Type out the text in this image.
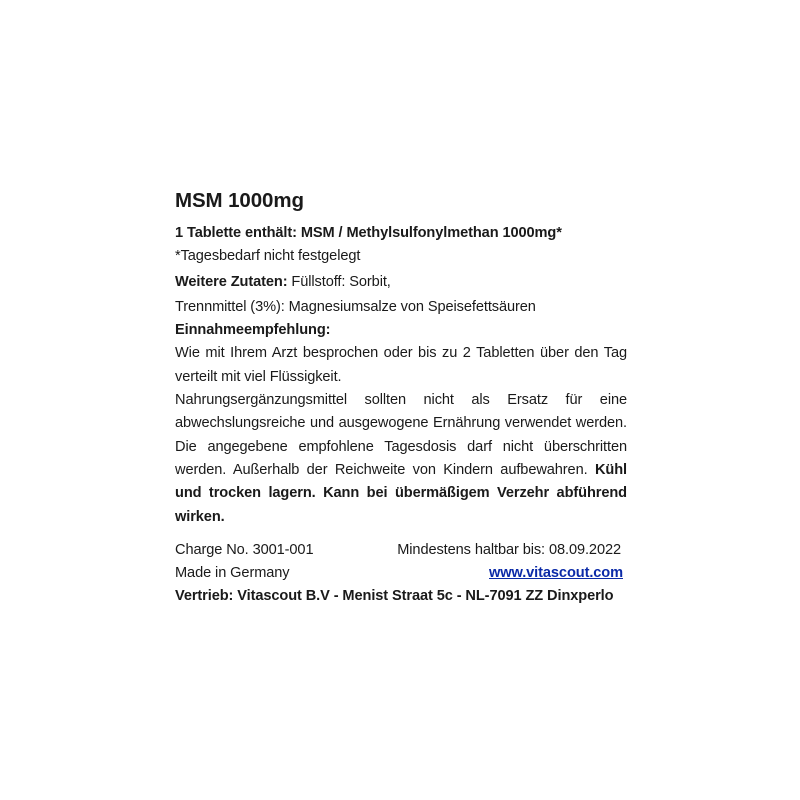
MSM 1000mg

1 Tablette enthält: MSM / Methylsulfonylmethan 1000mg*

*Tagesbedarf nicht festgelegt

Weitere Zutaten: Füllstoff: Sorbit,

Trennmittel (3%): Magnesiumsalze von Speisefettsäuren

Einnahmeempfehlung:

Wie mit Ihrem Arzt besprochen oder bis zu 2 Tabletten über den Tag verteilt mit viel Flüssigkeit.

Nahrungsergänzungsmittel sollten nicht als Ersatz für eine abwechslungsreiche und ausgewogene Ernährung verwendet werden. Die angegebene empfohlene Tagesdosis darf nicht überschritten werden. Außerhalb der Reichweite von Kindern aufbewahren. Kühl und trocken lagern. Kann bei übermäßigem Verzehr abführend wirken.

Charge No. 3001-001	Mindestens haltbar bis: 08.09.2022
Made in Germany	www.vitascout.com

Vertrieb: Vitascout B.V - Menist Straat 5c - NL-7091 ZZ Dinxperlo
